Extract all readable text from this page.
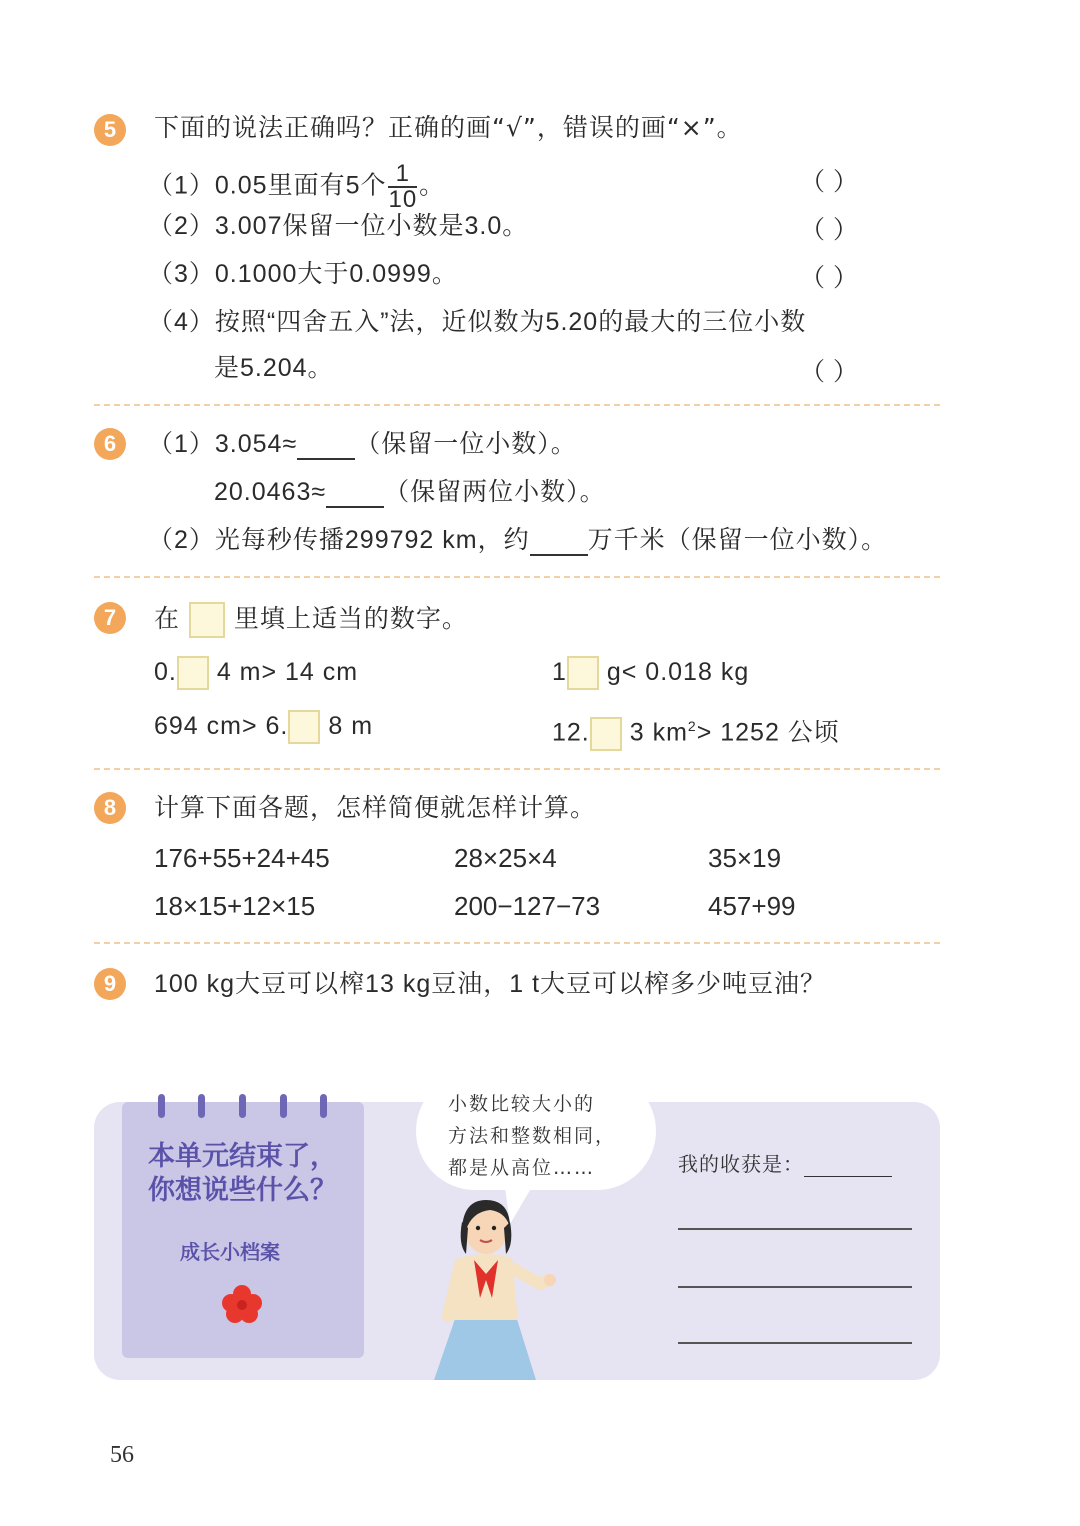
5	下面的说法正确吗？正确的画“√”，错误的画“×”。
（1）0.05里面有5个 $\frac{1}{10}$ 。	（ ）
（2）3.007保留一位小数是3.0。	（ ）
（3）0.1000大于0.0999。	（ ）
（4）按照“四舍五入”法，近似数为5.20的最大的三位小数
是5.204。	（ ）
6	（1）3.054≈ （保留一位小数）。
20.0463≈ （保留两位小数）。
（2）光每秒传播299792 km，约 万千米（保留一位小数）。
7	在 里填上适当的数字。
0. 4 m> 14 cm	1 g< 0.018 kg
694 cm> 6. 8 m	12. 3 $km^2> 1252$ 公顷
8	计算下面各题，怎样简便就怎样计算。
176+55+24+45	28×25×4	35×19
18×15+12×15	200−127−73	457+99
9	100 kg大豆可以榨13 kg豆油，1 t大豆可以榨多少吨豆油？
本单元结束了，
你想说些什么？
成长小档案
小数比较大小的
方法和整数相同，
都是从高位……	我的收获是：
56
